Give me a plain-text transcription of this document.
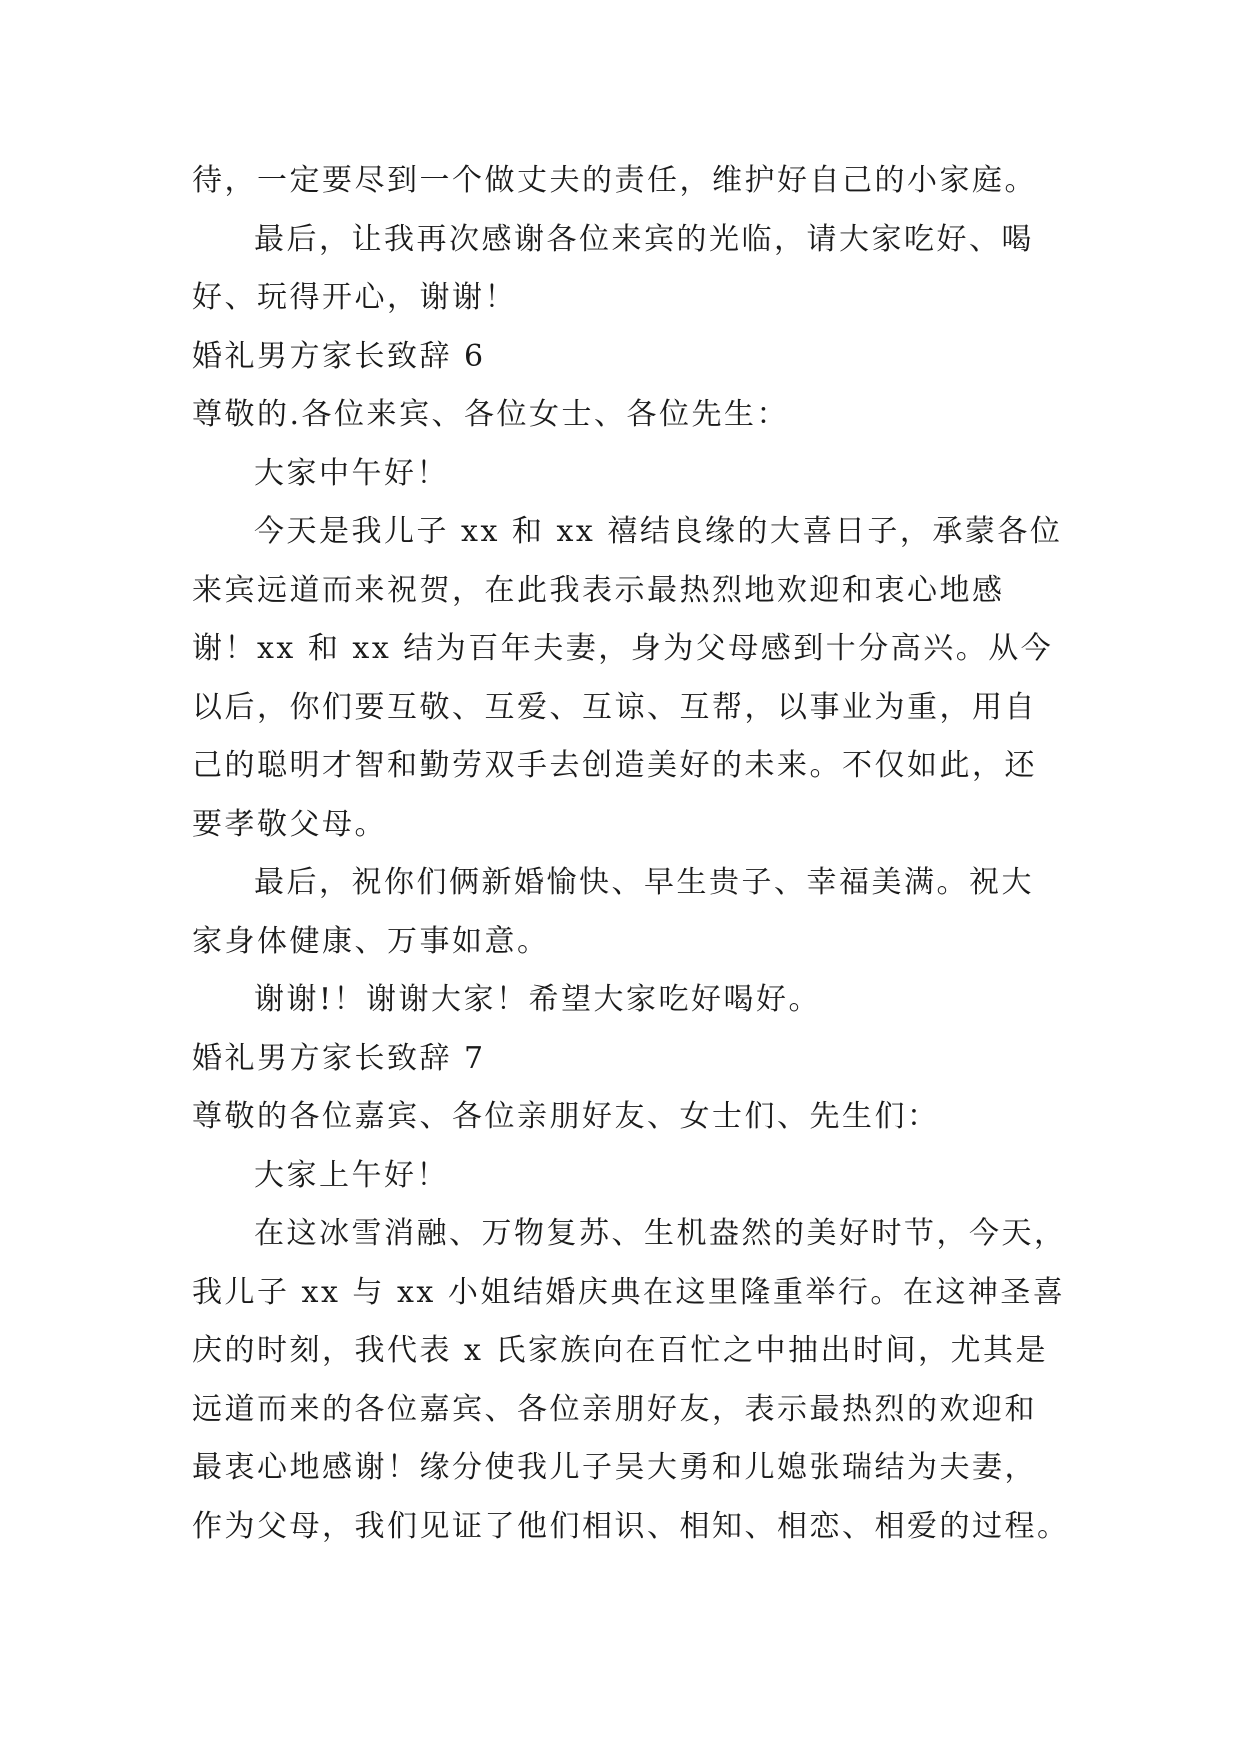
待，一定要尽到一个做丈夫的责任，维护好自己的小家庭。

最后，让我再次感谢各位来宾的光临，请大家吃好、喝

好、玩得开心，谢谢！

婚礼男方家长致辞 6

尊敬的.各位来宾、各位女士、各位先生：

大家中午好！

今天是我儿子 xx 和 xx 禧结良缘的大喜日子，承蒙各位

来宾远道而来祝贺，在此我表示最热烈地欢迎和衷心地感

谢！xx 和 xx 结为百年夫妻，身为父母感到十分高兴。从今

以后，你们要互敬、互爱、互谅、互帮，以事业为重，用自

己的聪明才智和勤劳双手去创造美好的未来。不仅如此，还

要孝敬父母。

最后，祝你们俩新婚愉快、早生贵子、幸福美满。祝大

家身体健康、万事如意。

谢谢!！谢谢大家！希望大家吃好喝好。

婚礼男方家长致辞 7

尊敬的各位嘉宾、各位亲朋好友、女士们、先生们：

大家上午好！

在这冰雪消融、万物复苏、生机盎然的美好时节，今天，

我儿子 xx 与 xx 小姐结婚庆典在这里隆重举行。在这神圣喜

庆的时刻，我代表 x 氏家族向在百忙之中抽出时间，尤其是

远道而来的各位嘉宾、各位亲朋好友，表示最热烈的欢迎和

最衷心地感谢！缘分使我儿子吴大勇和儿媳张瑞结为夫妻，

作为父母，我们见证了他们相识、相知、相恋、相爱的过程。
